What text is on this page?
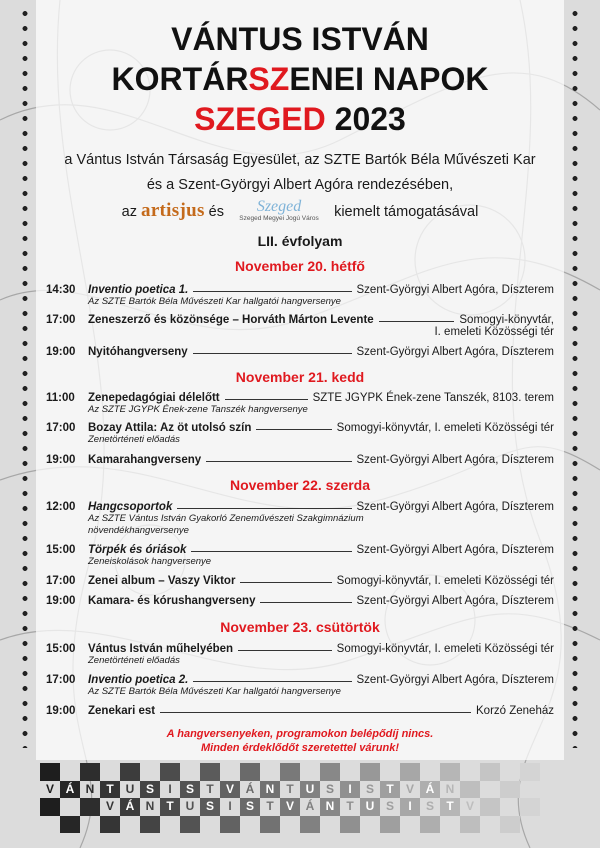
VÁNTUS ISTVÁN
KORTÁRSZENEI NAPOK
SZEGED 2023
a Vántus István Társaság Egyesület, az SZTE Bartók Béla Művészeti Kar
és a Szent-Györgyi Albert Agóra rendezésében,
az artisjus és	Szeged
Szeged Megyei Jogú Város kiemelt támogatásával
LII. évfolyam
November 20. hétfő
14:30	Inventio poetica 1.	Szent-Györgyi Albert Agóra, Díszterem
Az SZTE Bartók Béla Művészeti Kar hallgatói hangversenye
17:00	Zeneszerző és közönsége – Horváth Márton Levente	Somogyi-könyvtár,
I. emeleti Közösségi tér
19:00	Nyitóhangverseny	Szent-Györgyi Albert Agóra, Díszterem
November 21. kedd
11:00	Zenepedagógiai délelőtt	SZTE JGYPK Ének-zene Tanszék, 8103. terem
Az SZTE JGYPK Ének-zene Tanszék hangversenye
17:00	Bozay Attila: Az öt utolsó szín	Somogyi-könyvtár, I. emeleti Közösségi tér
Zenetörténeti előadás
19:00	Kamarahangverseny	Szent-Györgyi Albert Agóra, Díszterem
November 22. szerda
12:00	Hangcsoportok	Szent-Györgyi Albert Agóra, Díszterem
Az SZTE Vántus István Gyakorló Zeneművészeti Szakgimnázium
növendékhangversenye
15:00	Törpék és óriások	Szent-Györgyi Albert Agóra, Díszterem
Zeneiskolások hangversenye
17:00	Zenei album – Vaszy Viktor	Somogyi-könyvtár, I. emeleti Közösségi tér
19:00	Kamara- és kórushangverseny	Szent-Györgyi Albert Agóra, Díszterem
November 23. csütörtök
15:00	Vántus István műhelyében	Somogyi-könyvtár, I. emeleti Közösségi tér
Zenetörténeti előadás
17:00	Inventio poetica 2.	Szent-Györgyi Albert Agóra, Díszterem
Az SZTE Bartók Béla Művészeti Kar hallgatói hangversenye
19:00	Zenekari est	Korzó Zeneház
A hangversenyeken, programokon belépődíj nincs.
Minden érdeklődőt szeretettel várunk!
V Á N	T U S	I	S	T	V Á N	T U S	I	S	T	V Á N
V Á N	T U S	I	S	T	V Á N	T U S	I	S	T	V
